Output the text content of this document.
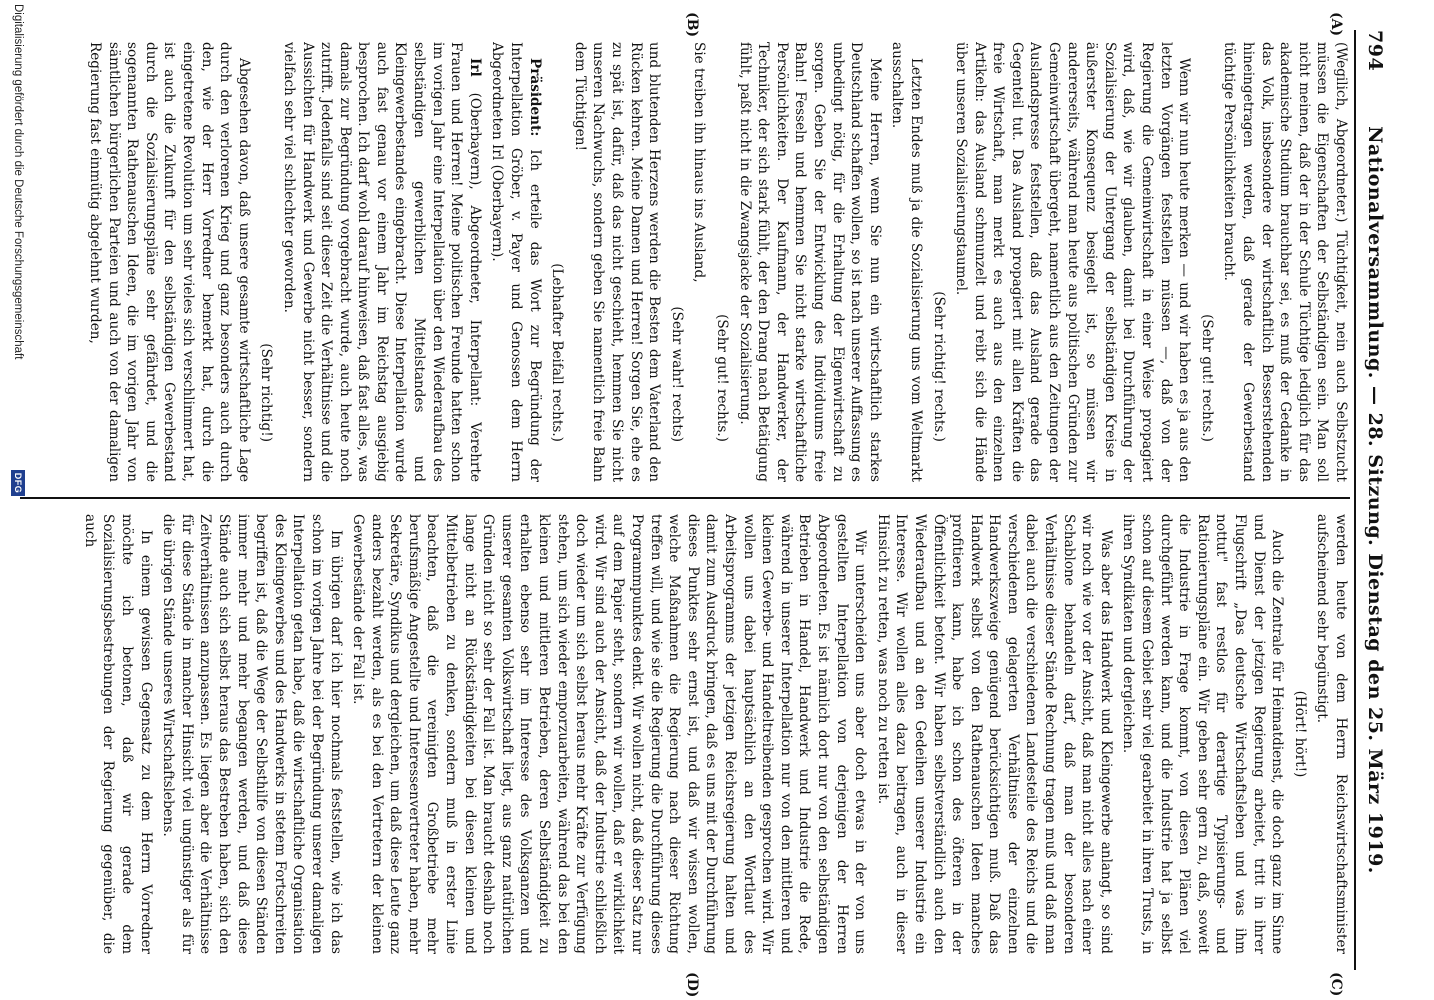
794
Nationalversammlung. — 28. Sitzung. Dienstag den 25. März 1919.
(A)
(B)
(C)
(D)

(Wegilich, Abgeordneter.) Tüchtigkeit, nein auch Selbstzucht müssen die Eigenschaften der Selbständigen sein. Man soll nicht meinen, daß der in der Schule Tüchtige lediglich für das akademische Studium brauchbar sei, es muß der Gedanke in das Volk, insbesondere der wirtschaftlich Besserstehenden hineingetragen werden, daß gerade der Gewerbestand tüchtige Persönlichkeiten braucht.

(Sehr gut! rechts.)

Wenn wir nun heute merken — und wir haben es ja aus den letzten Vorgängen feststellen müssen —, daß von der Regierung die Gemeinwirtschaft in einer Weise propagiert wird, daß, wie wir glauben, damit bei Durchführung der Sozialisierung der Untergang der selbständigen Kreise in äußerster Konsequenz besiegelt ist, so müssen wir andererseits, während man heute aus politischen Gründen zur Gemeinwirtschaft übergeht, namentlich aus den Zeitungen der Auslandspresse feststellen, daß das Ausland gerade das Gegenteil tut. Das Ausland propagiert mit allen Kräften die freie Wirtschaft, man merkt es auch aus den einzelnen Artikeln: das Ausland schmunzelt und reibt sich die Hände über unseren Sozialisierungstaumel.

(Sehr richtig! rechts.)

Letzten Endes muß ja die Sozialisierung uns vom Weltmarkt ausschalten.

Meine Herren, wenn Sie nun ein wirtschaftlich starkes Deutschland schaffen wollen, so ist nach unserer Auffassung es unbedingt nötig, für die Erhaltung der Eigenwirtschaft zu sorgen. Geben Sie der Entwicklung des Individuums freie Bahn! Fesseln und hemmen Sie nicht starke wirtschaftliche Persönlichkeiten. Der Kaufmann, der Handwerker, der Techniker, der sich stark fühlt, der den Drang nach Betätigung fühlt, paßt nicht in die Zwangsjacke der Sozialisierung.

(Sehr gut! rechts.)

Sie treiben ihn hinaus ins Ausland,

(Sehr wahr! rechts)

und blutenden Herzens werden die Besten dem Vaterland den Rücken kehren. Meine Damen und Herren! Sorgen Sie, ehe es zu spät ist, dafür, daß das nicht geschieht, hemmen Sie nicht unseren Nachwuchs, sondern geben Sie namentlich freie Bahn dem Tüchtigen!

(Lebhafter Beifall rechts.)

Präsident: Ich erteile das Wort zur Begründung der Interpellation Gröber, v. Payer und Genossen dem Herrn Abgeordneten Irl (Oberbayern).

Irl (Oberbayern), Abgeordneter, Interpellant: Verehrte Frauen und Herren! Meine politischen Freunde hatten schon im vorigen Jahr eine Interpellation über den Wiederaufbau des selbständigen gewerblichen Mittelstandes und Kleingewerbestandes eingebracht. Diese Interpellation wurde auch fast genau vor einem Jahr im Reichstag ausgiebig besprochen. Ich darf wohl darauf hinweisen, daß fast alles, was damals zur Begründung vorgebracht wurde, auch heute noch zutrifft. Jedenfalls sind seit dieser Zeit die Verhältnisse und die Aussichten für Handwerk und Gewerbe nicht besser, sondern vielfach sehr viel schlechter geworden.

(Sehr richtig!)

Abgesehen davon, daß unsere gesamte wirtschaftliche Lage durch den verlorenen Krieg und ganz besonders auch durch den, wie der Herr Vorredner bemerkt hat, durch die eingetretene Revolution um sehr vieles sich verschlimmert hat, ist auch die Zukunft für den selbständigen Gewerbestand durch die Sozialisierungspläne sehr gefährdet, und die sogenannten Rathenauschen Ideen, die im vorigen Jahr von sämtlichen bürgerlichen Parteien und auch von der damaligen Regierung fast einmütig abgelehnt wurden,

werden heute von dem Herrn Reichswirtschaftsminister aufscheinend sehr begünstigt.

(Hört! hört!)

Auch die Zentrale für Heimatdienst, die doch ganz im Sinne und Dienst der jetzigen Regierung arbeitet, tritt in ihrer Flugschrift „Das deutsche Wirtschaftsleben und was ihm nottut" fast restlos für derartige Typisierungs- und Rationierungspläne ein. Wir geben sehr gern zu, daß, soweit die Industrie in Frage kommt, von diesen Plänen viel durchgeführt werden kann, und die Industrie hat ja selbst schon auf diesem Gebiet sehr viel gearbeitet in ihren Trusts, in ihren Syndikaten und dergleichen.

Was aber das Handwerk und Kleingewerbe anlangt, so sind wir noch wie vor der Ansicht, daß man nicht alles nach einer Schablone behandeln darf, daß man der besonderen Verhältnisse dieser Stände Rechnung tragen muß und daß man dabei auch die verschiedenen Landesteile des Reichs und die verschiedenen gelagerten Verhältnisse der einzelnen Handwerkszweige genügend berücksichtigen muß. Daß das Handwerk selbst von den Rathenauschen Ideen manches profitieren kann, habe ich schon des öfteren in der Öffentlichkeit betont. Wir haben selbstverständlich auch den Wiederaufbau und an den Gedeihen unserer Industrie ein Interesse. Wir wollen alles dazu beitragen, auch in dieser Hinsicht zu retten, was noch zu retten ist.

Wir unterscheiden uns aber doch etwas in der von uns gestellten Interpellation von derjenigen der Herren Abgeordneten. Es ist nämlich dort nur von den selbständigen Betrieben in Handel, Handwerk und Industrie die Rede, während in unserer Interpellation nur von den mittleren und kleinen Gewerbe- und Handeltreibenden gesprochen wird. Wir wollen uns dabei hauptsächlich an den Wortlaut des Arbeitsprogramms der jetzigen Reichsregierung halten und damit zum Ausdruck bringen, daß es uns mit der Durchführung dieses Punktes sehr ernst ist, und daß wir wissen wollen, welche Maßnahmen die Regierung nach dieser Richtung treffen will, und wie sie die Regierung die Durchführung dieses Programmpunktes denkt. Wir wollen nicht, daß dieser Satz nur auf dem Papier steht, sondern wir wollen, daß er wirklichkeit wird. Wir sind auch der Ansicht, daß der Industrie schließlich doch wieder um sich selbst heraus mehr Kräfte zur Verfügung stehen, um sich wieder emporzuarbeiten, während das bei den kleinen und mittleren Betrieben, deren Selbständigkeit zu erhalten ebenso sehr im Interesse des Volksganzen und unserer gesamten Volkswirtschaft liegt, aus ganz natürlichen Gründen nicht so sehr der Fall ist. Man braucht deshalb noch lange nicht an Rückständigkeiten bei diesen kleinen und Mittelbetrieben zu denken, sondern muß in erster Linie beachten, daß die vereinigten Großbetriebe mehr berufsmäßige Angestellte und Interessenvertreter haben, mehr Sekretäre, Syndikus und dergleichen, um daß diese Leute ganz anders bezahlt werden, als es bei den Vertretern der kleinen Gewerbestände der Fall ist.

Im übrigen darf ich hier nochmals feststellen, wie ich das schon im vorigen Jahre bei der Begründung unserer damaligen Interpellation getan habe, daß die wirtschaftliche Organisation des Kleingewerbes und des Handwerks in stetem Fortschreiten begriffen ist, daß die Wege der Selbsthilfe von diesen Ständen immer mehr und mehr begangen werden, und daß diese Stände auch sich selbst heraus das Bestreben haben, sich den Zeitverhältnissen anzupassen. Es liegen aber die Verhältnisse für diese Stände in mancher Hinsicht viel ungünstiger als für die übrigen Stände unseres Wirtschaftslebens.

In einem gewissen Gegensatz zu dem Herrn Vorredner möchte ich betonen, daß wir gerade dem Sozialisierungsbestrebungen der Regierung gegenüber, die auch

Digitalisierung gefördert durch die Deutsche Forschungsgemeinschaft
DFG
